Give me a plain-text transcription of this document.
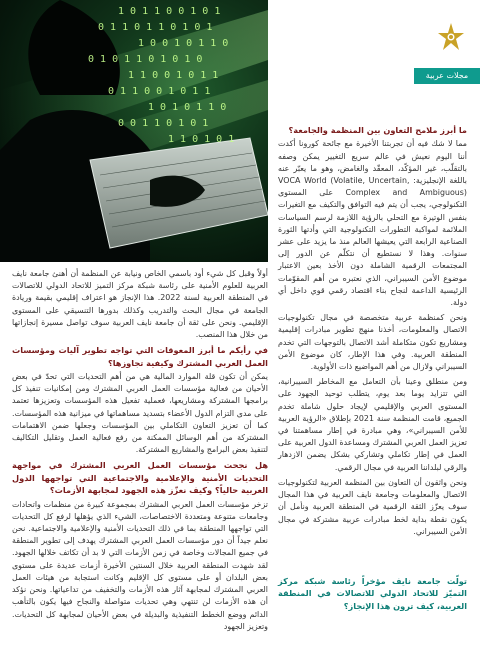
1 0 1 1 0 0 1 0 1
0 1 1 0 1 1 0 1 0 1
1 0 0 1 0 1 1 0
0 1 0 1 1 0 1 0 1 0
1 1 0 0 1 0 1 1
0 1 1 0 0 1 0 1 1
1 0 1 0 1 1 0
0 0 1 1 0 1 0 1
1 1 0 1 0 1
مجلات عربية
ما أبرز ملامح التعاون بين المنظمة والجامعة؟

مما لا شك فيه أن تجربتنا الأخيرة مع جائحة كورونا أكدت أننا اليوم نعيش في عالم سريع التغيير يمكن وصفه بالتقلّب، غير المؤكّد، المعقّد والغامض، وهو ما يعبّر عنه باللغة الإنجليزية: VOCA World (Volatile, Uncertain, Complex and Ambiguous) على المستوى التكنولوجي، يجب أن يتم فيه التوافق والتكيف مع التغيرات بنفس الوتيرة مع التحلي بالرؤية اللازمة لرسم السياسات الملائمة لمواكبة التطورات التكنولوجية التي وأدتها الثورة الصناعية الرابعة التي يعيشها العالم منذ ما يزيد على عشر سنوات. وهذا لا نستطيع أن نتكلّم عن الدور إلى المجتمعات الرقمية الشاملة دون الأخذ بعين الاعتبار موضوع الأمن السيبراني، الذي نعتبره من أهم المقوّمات الرئيسية الداعمة لنجاح بناء اقتصاد رقمي قوي داخل أي دولة.

ونحن كمنظمة عربية متخصصة في مجال تكنولوجيات الاتصال والمعلومات، أخذنا منهج تطوير مبادرات إقليمية ومشاريع تكون متكاملة أشد الاتصال بالتوجهات التي تخدم المنطقة العربية. وفي هذا الإطار، كان موضوع الأمن السيبراني ولازال من أهم المواضيع ذات الأولوية.

ومن منطلق وعينا بأن التعامل مع المخاطر السيبرانية، التي تتزايد يوما بعد يوم، يتطلب توحيد الجهود على المستوى العربي والإقليمي لإيجاد حلول شاملة تخدم الجميع، قامت المنظمة سنة 2021 بإطلاق «الرؤية العربية للأمن السيبراني»، وهي مبادرة في إطار مساهمتنا في تعزيز العمل العربي المشترك ومساعدة الدول العربية على العمل في إطار تكاملي وتشاركي بشكل يضمن الازدهار والرقي لبلداننا العربية في مجال الرقمي.

ونحن واثقون أن التعاون بين المنظمة العربية لتكنولوجيات الاتصال والمعلومات وجامعة نايف العربية في هذا المجال سوف يعزّز الثقة الرقمية في المنطقة العربية ونأمل أن يكون نقطة بداية لخط مبادرات عربية مشتركة في مجال الأمن السيبراني.

تولّت جامعة نايف مؤخراً رئاسة شبكة مركز التميّز للاتحاد الدولي للاتصالات في المنطقة العربية، كيف ترون هذا الإنجاز؟

أولاً وقبل كل شيء أود باسمي الخاص ونيابة عن المنظمة أن أهنئ جامعة نايف العربية للعلوم الأمنية على رئاسة شبكة مركز التميز للاتحاد الدولي للاتصالات في المنطقة العربية لسنة 2022. هذا الإنجاز هو اعتراف إقليمي بقيمة وريادة الجامعة في مجال البحث والتدريب وكذلك بدورها التنسيقي على المستوى الإقليمي. ونحن على ثقة أن جامعة نايف العربية سوف تواصل مسيرة إنجازاتها من خلال هذا المنصب.

في رأيكم ما أبرز المعوقات التي تواجه تطوير آليات ومؤسسات العمل العربي المشترك وكيفية تجاوزها؟

يمكن أن تكون قلة الموارد المالية هي من أهم التحديات التي تحدّ في بعض الأحيان من فعالية مؤسسات العمل العربي المشترك ومن إمكانيات تنفيذ كل برامجها المشتركة ومشاريعها، فعملية تفعيل هذه المؤسسات وتعزيزها تعتمد على مدى التزام الدول الأعضاء بتسديد مساهماتها في ميزانية هذه المؤسسات. كما أن تعزيز التعاون التكاملي بين المؤسسات وجعلها ضمن الاهتمامات المشتركة من أهم الوسائل الممكنة من رفع فعالية العمل وتقليل التكاليف لتنفيذ بعض البرامج والمشاريع المشتركة.

هل نجحت مؤسسات العمل العربي المشترك في مواجهة التحديات الأمنية والإعلامية والاجتماعية التي تواجهها الدول العربية حالياً؟ وكيف نعزّز هذه الجهود لمجابهة الأزمات؟

تزخر مؤسسات العمل العربي المشترك بمجموعة كبيرة من منظمات واتحادات وجامعات متنوعة ومتعددة الاختصاصات، الشيء الذي يؤهلها لرفع كل التحديات التي تواجهها المنطقة بما في ذلك التحديات الأمنية والإعلامية والاجتماعية. نحن نعلم جيداً أن دور مؤسسات العمل العربي المشترك يهدف إلى تطوير المنطقة في جميع المجالات وخاصة في زمن الأزمات التي لا بد أن تكاتف خلالها الجهود. لقد شهدت المنطقة العربية خلال السنتين الأخيرة أزمات عديدة على مستوى بعض البلدان أو على مستوى كل الإقليم وكانت استجابة من هيئات العمل العربي المشترك لمجابهة آثار هذه الأزمات والتخفيف من تداعياتها. ونحن نؤكد أن هذه الأزمات لن تنتهي وهي تحديات متواصلة والنجاح فيها يكون بالتأهب الدائم ووضع الخطط التنفيذية والبديلة في بعض الأحيان لمجابهة كل التحديات. وتعزيز الجهود
